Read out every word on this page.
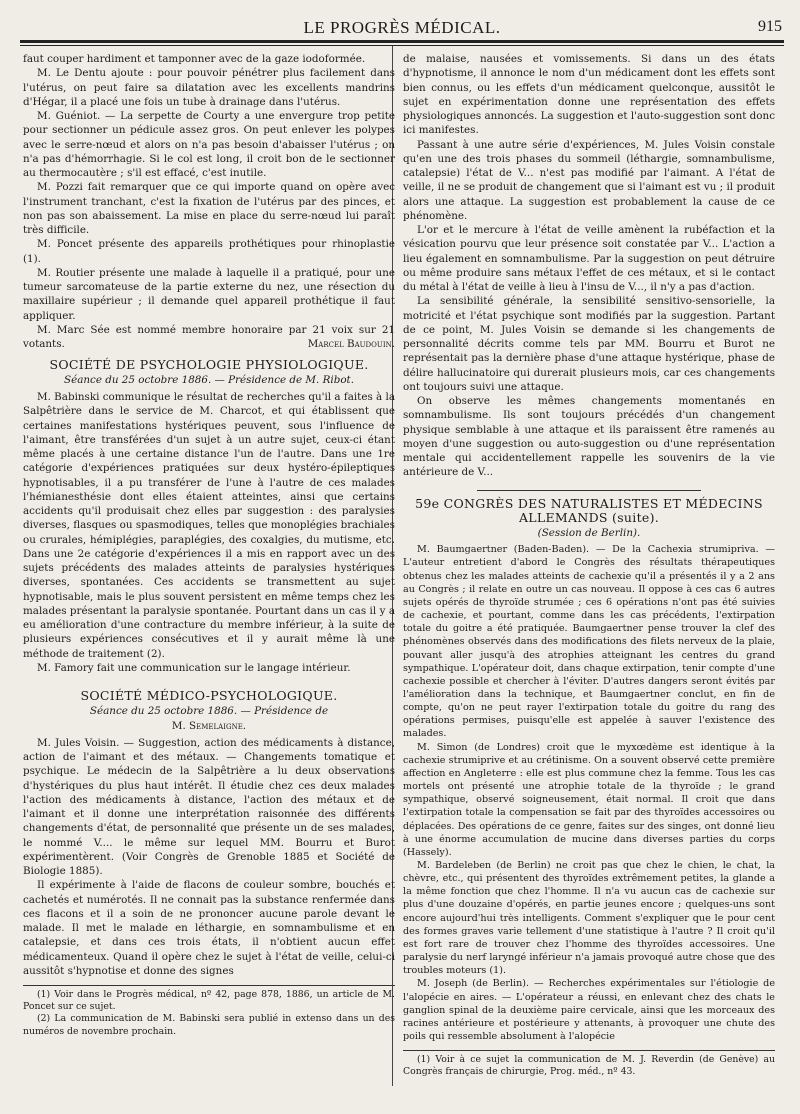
LE PROGRÈS MÉDICAL.	915

faut couper hardiment et tamponner avec de la gaze iodoformée.

M. Le Dentu ajoute : pour pouvoir pénétrer plus facilement dans l'utérus, on peut faire sa dilatation avec les excellents mandrins d'Hégar, il a placé une fois un tube à drainage dans l'utérus.

M. Guéniot. — La serpette de Courty a une envergure trop petite pour sectionner un pédicule assez gros. On peut enlever les polypes avec le serre-nœud et alors on n'a pas besoin d'abaisser l'utérus ; on n'a pas d'hémorrhagie. Si le col est long, il croit bon de le sectionner au thermocautère ; s'il est effacé, c'est inutile.

M. Pozzi fait remarquer que ce qui importe quand on opère avec l'instrument tranchant, c'est la fixation de l'utérus par des pinces, et non pas son abaissement. La mise en place du serre-nœud lui paraît très difficile.

M. Poncet présente des appareils prothétiques pour rhinoplastie (1).

M. Routier présente une malade à laquelle il a pratiqué, pour une tumeur sarcomateuse de la partie externe du nez, une résection du maxillaire supérieur ; il demande quel appareil prothétique il faut appliquer.

M. Marc Sée est nommé membre honoraire par 21 voix sur 21 votants.	Marcel Baudouin.

SOCIÉTÉ DE PSYCHOLOGIE PHYSIOLOGIQUE.

Séance du 25 octobre 1886. — Présidence de M. Ribot.

M. Babinski communique le résultat de recherches qu'il a faites à la Salpêtrière dans le service de M. Charcot, et qui établissent que certaines manifestations hystériques peuvent, sous l'influence de l'aimant, être transférées d'un sujet à un autre sujet, ceux-ci étant même placés à une certaine distance l'un de l'autre. Dans une 1re catégorie d'expériences pratiquées sur deux hystéro-épileptiques hypnotisables, il a pu transférer de l'une à l'autre de ces malades l'hémianesthésie dont elles étaient atteintes, ainsi que certains accidents qu'il produisait chez elles par suggestion : des paralysies diverses, flasques ou spasmodiques, telles que monoplégies brachiales ou crurales, hémiplégies, paraplégies, des coxalgies, du mutisme, etc. Dans une 2e catégorie d'expériences il a mis en rapport avec un des sujets précédents des malades atteints de paralysies hystériques diverses, spontanées. Ces accidents se transmettent au sujet hypnotisable, mais le plus souvent persistent en même temps chez les malades présentant la paralysie spontanée. Pourtant dans un cas il y a eu amélioration d'une contracture du membre inférieur, à la suite de plusieurs expériences consécutives et il y aurait même là une méthode de traitement (2).

M. Famory fait une communication sur le langage intérieur.

SOCIÉTÉ MÉDICO-PSYCHOLOGIQUE.

Séance du 25 octobre 1886. — Présidence de

M. Semelaigne.

M. Jules Voisin. — Suggestion, action des médicaments à distance, action de l'aimant et des métaux. — Changements tomatique et psychique. Le médecin de la Salpêtrière a lu deux observations d'hystériques du plus haut intérêt. Il étudie chez ces deux malades l'action des médicaments à distance, l'action des métaux et de l'aimant et il donne une interprétation raisonnée des différents changements d'état, de personnalité que présente un de ses malades, le nommé V.... le même sur lequel MM. Bourru et Burot expérimentèrent. (Voir Congrès de Grenoble 1885 et Société de Biologie 1885).

Il expérimente à l'aide de flacons de couleur sombre, bouchés et cachetés et numérotés. Il ne connait pas la substance renfermée dans ces flacons et il a soin de ne prononcer aucune parole devant le malade. Il met le malade en léthargie, en somnambulisme et en catalepsie, et dans ces trois états, il n'obtient aucun effet médicamenteux. Quand il opère chez le sujet à l'état de veille, celui-ci aussitôt s'hypnotise et donne des signes

(1) Voir dans le Progrès médical, nº 42, page 878, 1886, un article de M. Poncet sur ce sujet.

(2) La communication de M. Babinski sera publié in extenso dans un des numéros de novembre prochain.

de malaise, nausées et vomissements. Si dans un des états d'hypnotisme, il annonce le nom d'un médicament dont les effets sont bien connus, ou les effets d'un médicament quelconque, aussitôt le sujet en expérimentation donne une représentation des effets physiologiques annoncés. La suggestion et l'auto-suggestion sont donc ici manifestes.

Passant à une autre série d'expériences, M. Jules Voisin constale qu'en une des trois phases du sommeil (léthargie, somnambulisme, catalepsie) l'état de V... n'est pas modifié par l'aimant. A l'état de veille, il ne se produit de changement que si l'aimant est vu ; il produit alors une attaque. La suggestion est probablement la cause de ce phénomène.

L'or et le mercure à l'état de veille amènent la rubéfaction et la vésication pourvu que leur présence soit constatée par V... L'action a lieu également en somnambulisme. Par la suggestion on peut détruire ou même produire sans métaux l'effet de ces métaux, et si le contact du métal à l'état de veille à lieu à l'insu de V..., il n'y a pas d'action.

La sensibilité générale, la sensibilité sensitivo-sensorielle, la motricité et l'état psychique sont modifiés par la suggestion. Partant de ce point, M. Jules Voisin se demande si les changements de personnalité décrits comme tels par MM. Bourru et Burot ne représentait pas la dernière phase d'une attaque hystérique, phase de délire hallucinatoire qui durerait plusieurs mois, car ces changements ont toujours suivi une attaque.

On observe les mêmes changements momentanés en somnambulisme. Ils sont toujours précédés d'un changement physique semblable à une attaque et ils paraissent être ramenés au moyen d'une suggestion ou auto-suggestion ou d'une représentation mentale qui accidentellement rappelle les souvenirs de la vie antérieure de V...

59e CONGRÈS DES NATURALISTES ET MÉDECINS

ALLEMANDS (suite).

(Session de Berlin).

M. Baumgaertner (Baden-Baden). — De la Cachexia strumipriva. — L'auteur entretient d'abord le Congrès des résultats thérapeutiques obtenus chez les malades atteints de cachexie qu'il a présentés il y a 2 ans au Congrès ; il relate en outre un cas nouveau. Il oppose à ces cas 6 autres sujets opérés de thyroïde strumée ; ces 6 opérations n'ont pas été suivies de cachexie, et pourtant, comme dans les cas précédents, l'extirpation totale du goitre a été pratiquée. Baumgaertner pense trouver la clef des phénomènes observés dans des modifications des filets nerveux de la plaie, pouvant aller jusqu'à des atrophies atteignant les centres du grand sympathique. L'opérateur doit, dans chaque extirpation, tenir compte d'une cachexie possible et chercher à l'éviter. D'autres dangers seront évités par l'amélioration dans la technique, et Baumgaertner conclut, en fin de compte, qu'on ne peut rayer l'extirpation totale du goitre du rang des opérations permises, puisqu'elle est appelée à sauver l'existence des malades.

M. Simon (de Londres) croit que le myxœdème est identique à la cachexie strumiprive et au crétinisme. On a souvent observé cette première affection en Angleterre : elle est plus commune chez la femme. Tous les cas mortels ont présenté une atrophie totale de la thyroïde ; le grand sympathique, observé soigneusement, était normal. Il croit que dans l'extirpation totale la compensation se fait par des thyroïdes accessoires ou déplacées. Des opérations de ce genre, faites sur des singes, ont donné lieu à une énorme accumulation de mucine dans diverses parties du corps (Hassely).

M. Bardeleben (de Berlin) ne croit pas que chez le chien, le chat, la chèvre, etc., qui présentent des thyroïdes extrêmement petites, la glande a la même fonction que chez l'homme. Il n'a vu aucun cas de cachexie sur plus d'une douzaine d'opérés, en partie jeunes encore ; quelques-uns sont encore aujourd'hui très intelligents. Comment s'expliquer que le pour cent des formes graves varie tellement d'une statistique à l'autre ? Il croit qu'il est fort rare de trouver chez l'homme des thyroïdes accessoires. Une paralysie du nerf laryngé inférieur n'a jamais provoqué autre chose que des troubles moteurs (1).

M. Joseph (de Berlin). — Recherches expérimentales sur l'étiologie de l'alopécie en aires. — L'opérateur a réussi, en enlevant chez des chats le ganglion spinal de la deuxième paire cervicale, ainsi que les morceaux des racines antérieure et postérieure y attenants, à provoquer une chute des poils qui ressemble absolument à l'alopécie

(1) Voir à ce sujet la communication de M. J. Reverdin (de Genève) au Congrès français de chirurgie, Prog. méd., nº 43.
